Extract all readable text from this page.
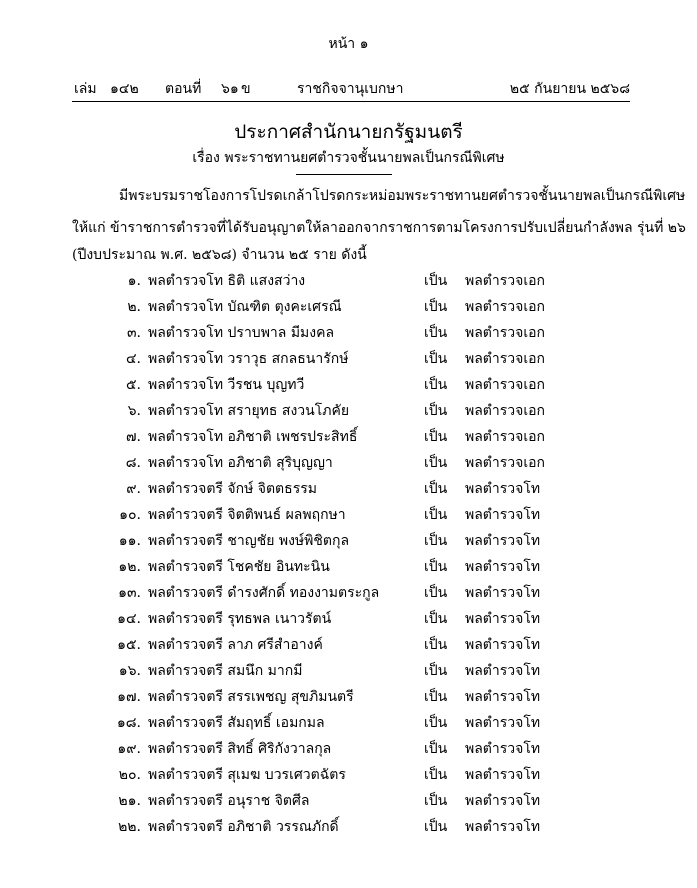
หน้า ๑
เล่ม ๑๔๒ ตอนที่ ๖๑ ข	ราชกิจจานุเบกษา	๒๕ กันยายน ๒๕๖๘
ประกาศสำนักนายกรัฐมนตรี
เรื่อง พระราชทานยศตำรวจชั้นนายพลเป็นกรณีพิเศษ
มีพระบรมราชโองการโปรดเกล้าโปรดกระหม่อมพระราชทานยศตำรวจชั้นนายพลเป็นกรณีพิเศษ
ให้แก่ ข้าราชการตำรวจที่ได้รับอนุญาตให้ลาออกจากราชการตามโครงการปรับเปลี่ยนกำลังพล รุ่นที่ ๒๖
(ปีงบประมาณ พ.ศ. ๒๕๖๘) จำนวน ๒๕ ราย ดังนี้
๑. พลตำรวจโท ธิติ แสงสว่าง	เป็น พลตำรวจเอก
๒. พลตำรวจโท บัณฑิต ตุงคะเศรณี	เป็น พลตำรวจเอก
๓. พลตำรวจโท ปราบพาล มีมงคล	เป็น พลตำรวจเอก
๔. พลตำรวจโท วราวุธ สกลธนารักษ์	เป็น พลตำรวจเอก
๕. พลตำรวจโท วีรชน บุญทวี	เป็น พลตำรวจเอก
๖. พลตำรวจโท สรายุทธ สงวนโภคัย	เป็น พลตำรวจเอก
๗. พลตำรวจโท อภิชาติ เพชรประสิทธิ์	เป็น พลตำรวจเอก
๘. พลตำรวจโท อภิชาติ สุริบุญญา	เป็น พลตำรวจเอก
๙. พลตำรวจตรี จักษ์ จิตตธรรม	เป็น พลตำรวจโท
๑๐. พลตำรวจตรี จิตติพนธ์ ผลพฤกษา	เป็น พลตำรวจโท
๑๑. พลตำรวจตรี ชาญชัย พงษ์พิชิตกุล	เป็น พลตำรวจโท
๑๒. พลตำรวจตรี โชคชัย อินทะนิน	เป็น พลตำรวจโท
๑๓. พลตำรวจตรี ดำรงศักดิ์ ทองงามตระกูล	เป็น พลตำรวจโท
๑๔. พลตำรวจตรี รุทธพล เนาวรัตน์	เป็น พลตำรวจโท
๑๕. พลตำรวจตรี ลาภ ศรีสำอางค์	เป็น พลตำรวจโท
๑๖. พลตำรวจตรี สมนึก มากมี	เป็น พลตำรวจโท
๑๗. พลตำรวจตรี สรรเพชญ สุขภิมนตรี	เป็น พลตำรวจโท
๑๘. พลตำรวจตรี สัมฤทธิ์ เอมกมล	เป็น พลตำรวจโท
๑๙. พลตำรวจตรี สิทธิ์ ศิริกังวาลกุล	เป็น พลตำรวจโท
๒๐. พลตำรวจตรี สุเมฆ บวรเศวตฉัตร	เป็น พลตำรวจโท
๒๑. พลตำรวจตรี อนุราช จิตศีล	เป็น พลตำรวจโท
๒๒. พลตำรวจตรี อภิชาติ วรรณภักดิ์	เป็น พลตำรวจโท
